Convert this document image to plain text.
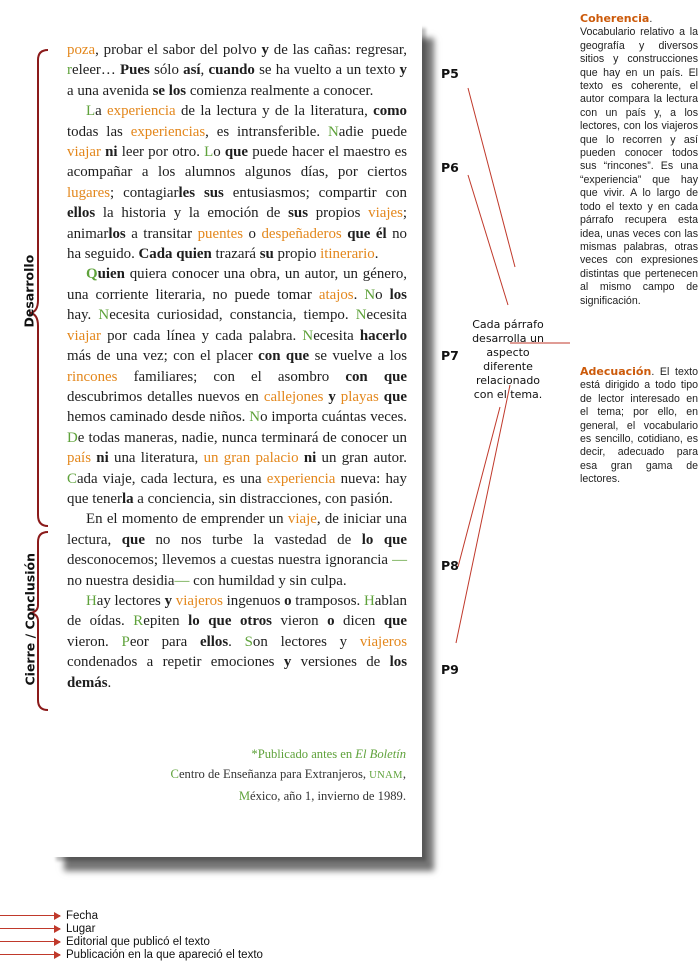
poza, probar el sabor del polvo y de las cañas: regresar, releer… Pues sólo así, cuando se ha vuelto a un texto y a una avenida se los comienza realmente a conocer.

La experiencia de la lectura y de la literatura, como todas las experiencias, es intransferible. Nadie puede viajar ni leer por otro. Lo que puede hacer el maestro es acompañar a los alumnos algunos días, por ciertos lugares; contagiarles sus entusiasmos; compartir con ellos la historia y la emoción de sus propios viajes; animarlos a transitar puentes o despeñaderos que él no ha seguido. Cada quien trazará su propio itinerario.

Quien quiera conocer una obra, un autor, un género, una corriente literaria, no puede tomar atajos. No los hay. Necesita curiosidad, constancia, tiempo. Necesita viajar por cada línea y cada palabra. Necesita hacerlo más de una vez; con el placer con que se vuelve a los rincones familiares; con el asombro con que descubrimos detalles nuevos en callejones y playas que hemos caminado desde niños. No importa cuántas veces. De todas maneras, nadie, nunca terminará de conocer un país ni una literatura, un gran palacio ni un gran autor. Cada viaje, cada lectura, es una experiencia nueva: hay que tenerla a conciencia, sin distracciones, con pasión.

En el momento de emprender un viaje, de iniciar una lectura, que no nos turbe la vastedad de lo que desconocemos; llevemos a cuestas nuestra ignorancia —no nuestra desidia— con humildad y sin culpa.

Hay lectores y viajeros ingenuos o tramposos. Hablan de oídas. Repiten lo que otros vieron o dicen que vieron. Peor para ellos. Son lectores y viajeros condenados a repetir emociones y versiones de los demás.

*Publicado antes en El Boletín
Centro de Enseñanza para Extranjeros, UNAM,
México, año 1, invierno de 1989.
Desarrollo
Cierre / Conclusión
P5
P6
P7
P8
P9
Cada párrafo desarrolla un aspecto diferente relacionado con el tema.
Coherencia. Vocabulario relativo a la geografía y diversos sitios y construcciones que hay en un país. El texto es coherente, el autor compara la lectura con un país y, a los lectores, con los viajeros que lo recorren y así pueden conocer todos sus “rincones”. Es una “experiencia” que hay que vivir. A lo largo de todo el texto y en cada párrafo recupera esta idea, unas veces con las mismas palabras, otras veces con expresiones distintas que pertenecen al mismo campo de significación.
Adecuación. El texto está dirigido a todo tipo de lector interesado en el tema; por ello, en general, el vocabulario es sencillo, cotidiano, es decir, adecuado para esa gran gama de lectores.
Fecha
Lugar
Editorial que publicó el texto
Publicación en la que apareció el texto
